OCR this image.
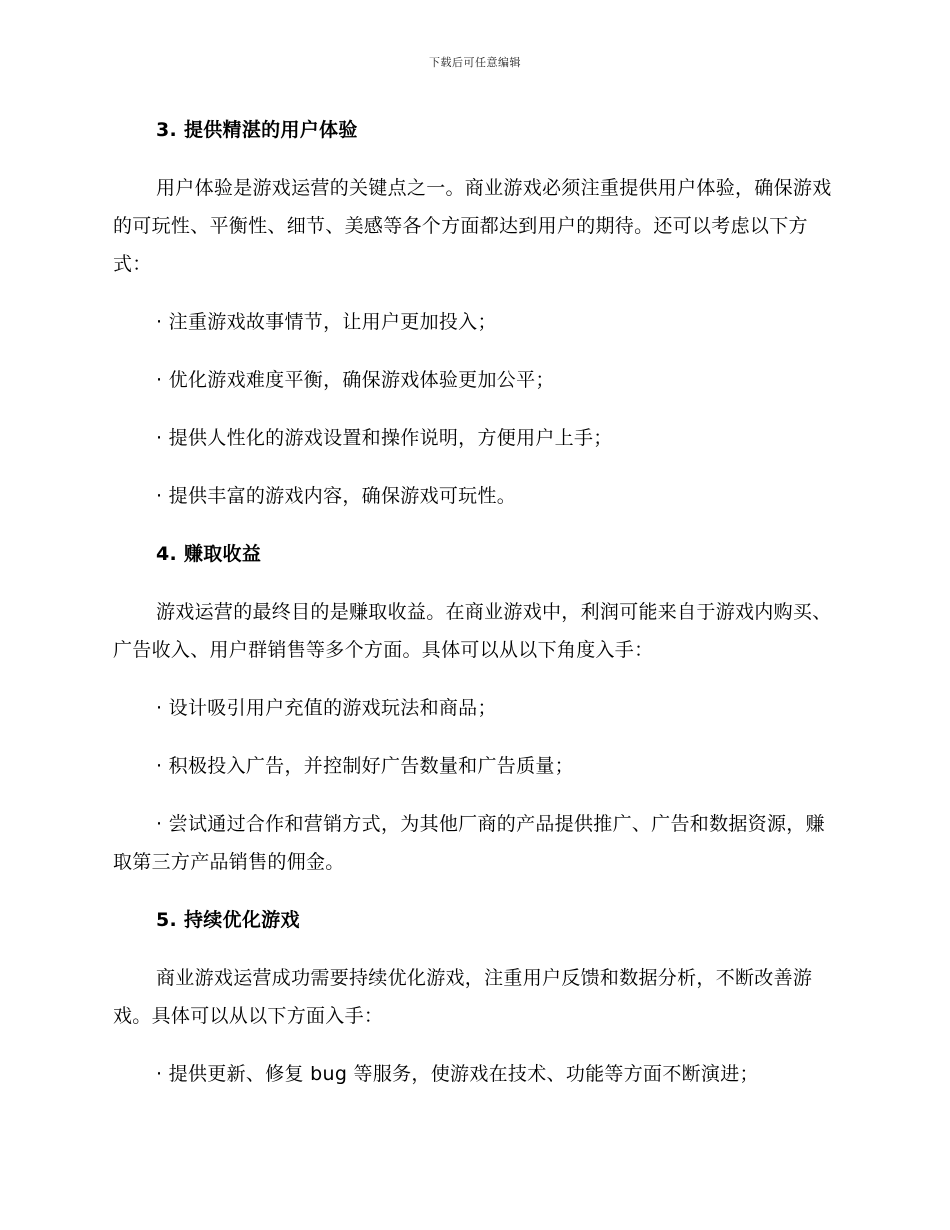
下载后可任意编辑

3. 提供精湛的用户体验

用户体验是游戏运营的关键点之一。商业游戏必须注重提供用户体验，确保游戏的可玩性、平衡性、细节、美感等各个方面都达到用户的期待。还可以考虑以下方式：

· 注重游戏故事情节，让用户更加投入；

· 优化游戏难度平衡，确保游戏体验更加公平；

· 提供人性化的游戏设置和操作说明，方便用户上手；

· 提供丰富的游戏内容，确保游戏可玩性。

4. 赚取收益

游戏运营的最终目的是赚取收益。在商业游戏中，利润可能来自于游戏内购买、广告收入、用户群销售等多个方面。具体可以从以下角度入手：

· 设计吸引用户充值的游戏玩法和商品；

· 积极投入广告，并控制好广告数量和广告质量；

· 尝试通过合作和营销方式，为其他厂商的产品提供推广、广告和数据资源，赚取第三方产品销售的佣金。

5. 持续优化游戏

商业游戏运营成功需要持续优化游戏，注重用户反馈和数据分析，不断改善游戏。具体可以从以下方面入手：

· 提供更新、修复 bug 等服务，使游戏在技术、功能等方面不断演进；
